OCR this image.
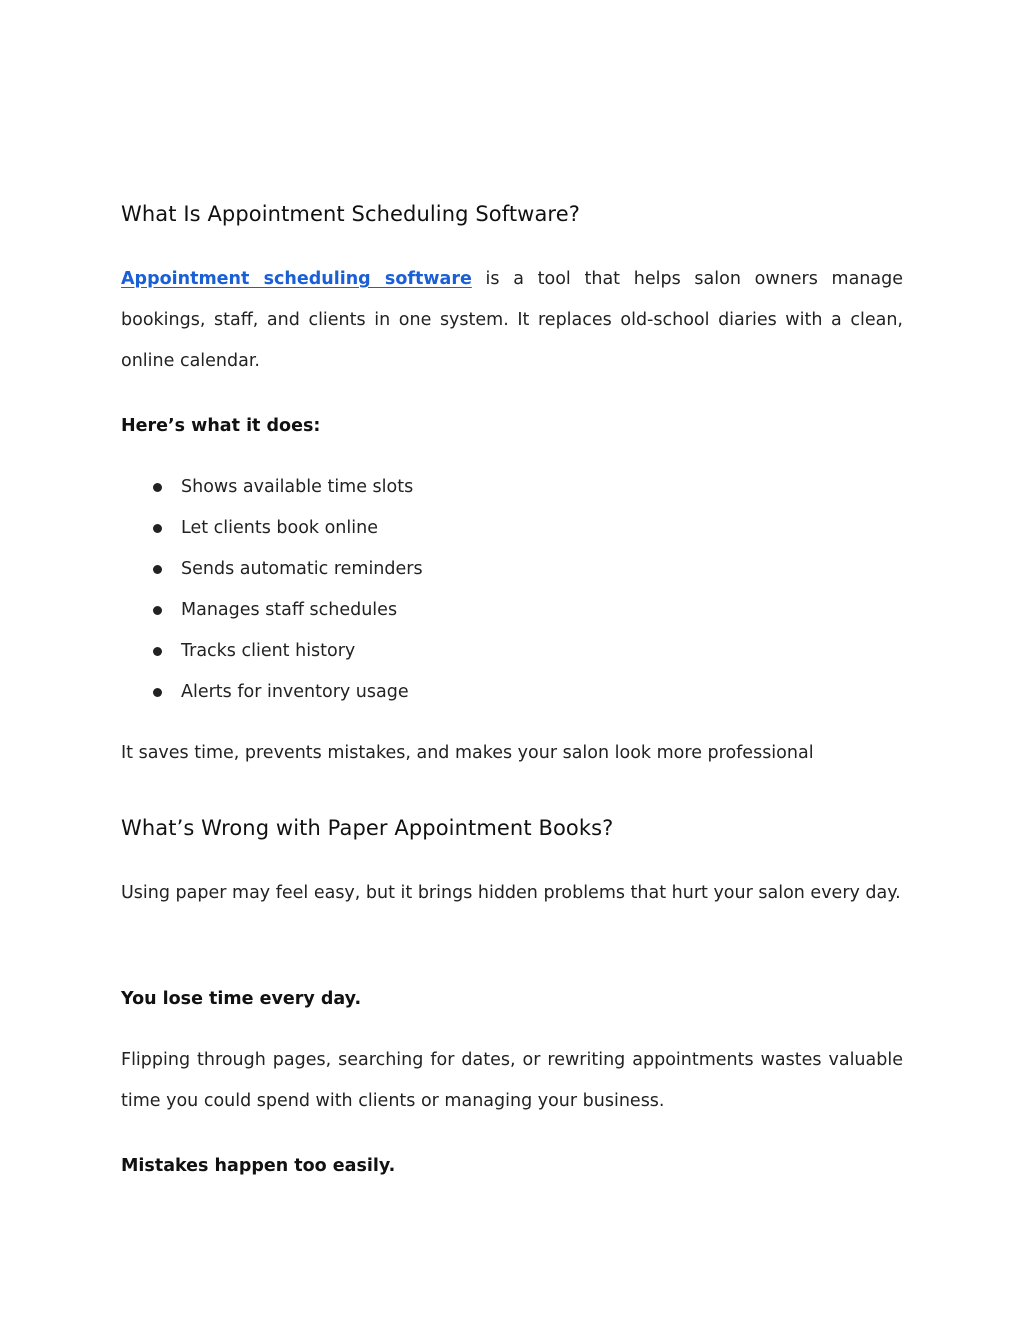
What Is Appointment Scheduling Software?

Appointment scheduling software is a tool that helps salon owners manage bookings, staff, and clients in one system. It replaces old-school diaries with a clean, online calendar.

Here’s what it does:

Shows available time slots
Let clients book online
Sends automatic reminders
Manages staff schedules
Tracks client history
Alerts for inventory usage

It saves time, prevents mistakes, and makes your salon look more professional

What’s Wrong with Paper Appointment Books?

Using paper may feel easy, but it brings hidden problems that hurt your salon every day.

You lose time every day.

Flipping through pages, searching for dates, or rewriting appointments wastes valuable time you could spend with clients or managing your business.

Mistakes happen too easily.
